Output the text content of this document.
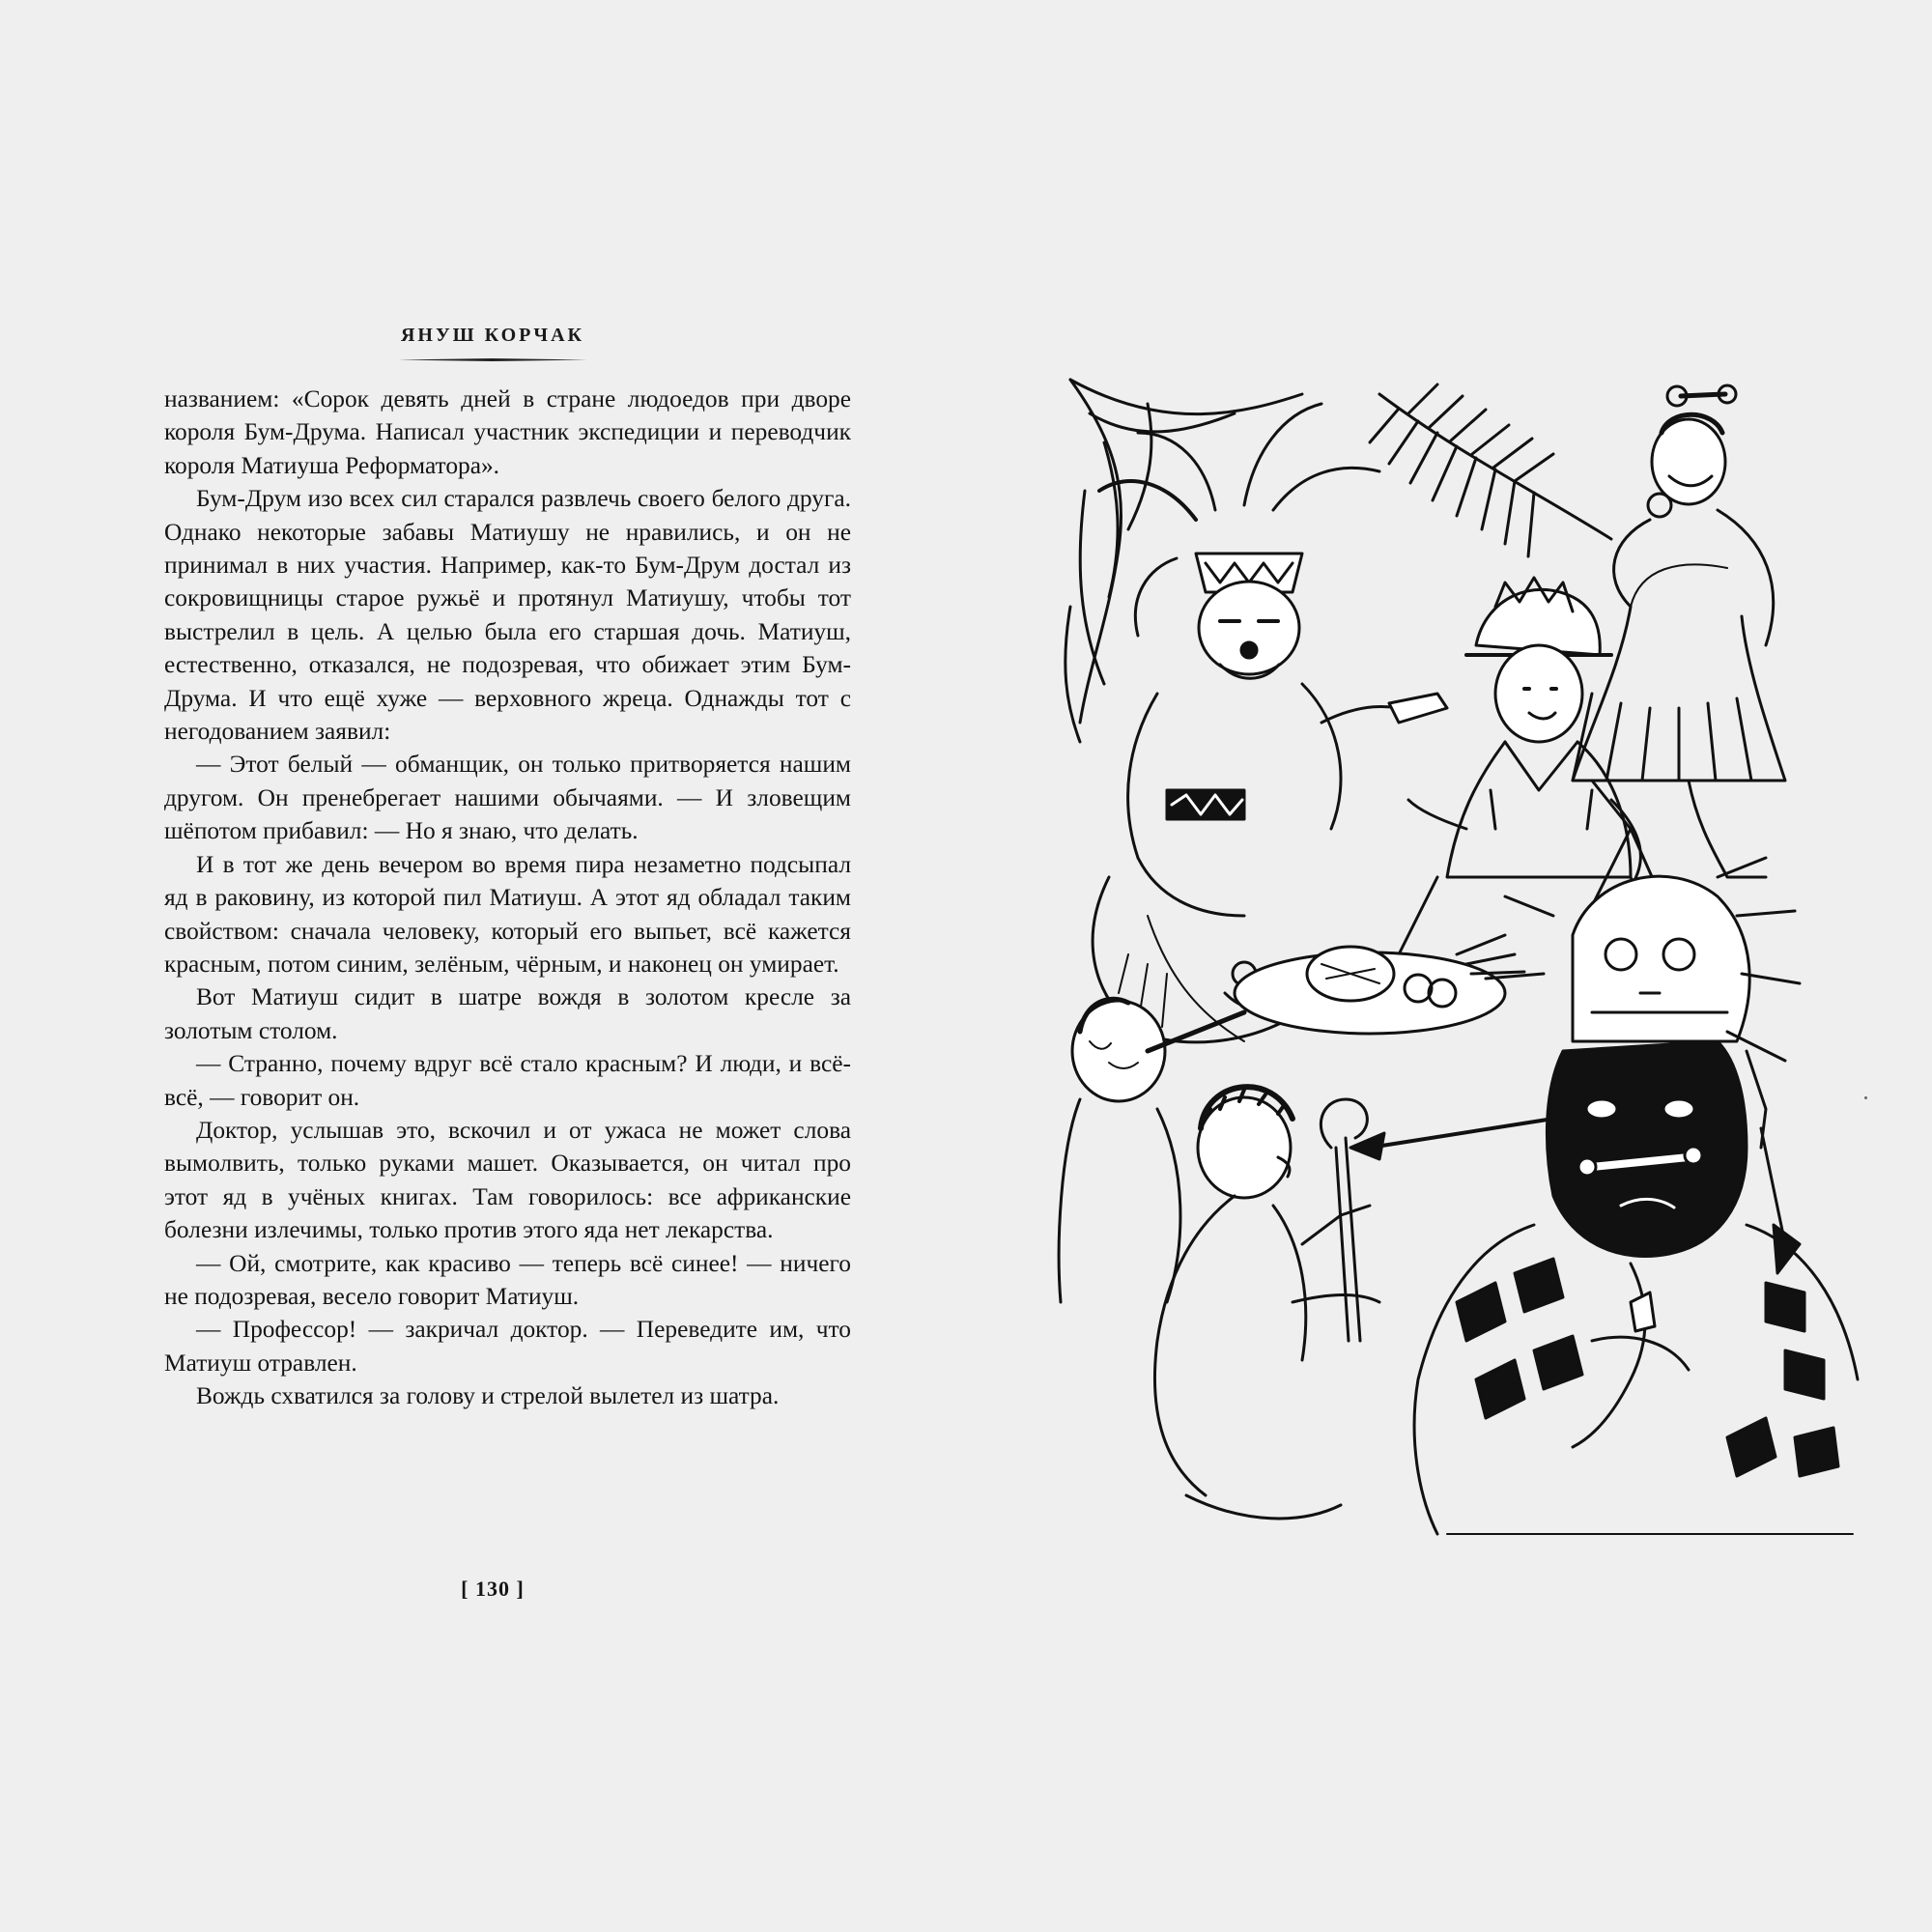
ЯНУШ КОРЧАК

названием: «Сорок девять дней в стране людоедов при дворе короля Бум-Друма. Написал участник экспедиции и переводчик короля Матиуша Реформатора».

Бум-Друм изо всех сил старался развлечь своего белого друга. Однако некоторые забавы Матиушу не нравились, и он не принимал в них участия. Например, как-то Бум-Друм достал из сокровищницы старое ружьё и протянул Матиушу, чтобы тот выстрелил в цель. А целью была его старшая дочь. Матиуш, естественно, отказался, не подозревая, что обижает этим Бум-Друма. И что ещё хуже — верховного жреца. Однажды тот с негодованием заявил:

— Этот белый — обманщик, он только притворяется нашим другом. Он пренебрегает нашими обычаями. — И зловещим шёпотом прибавил: — Но я знаю, что делать.

И в тот же день вечером во время пира незаметно подсыпал яд в раковину, из которой пил Матиуш. А этот яд обладал таким свойством: сначала человеку, который его выпьет, всё кажется красным, потом синим, зелёным, чёрным, и наконец он умирает.

Вот Матиуш сидит в шатре вождя в золотом кресле за золотым столом.

— Странно, почему вдруг всё стало красным? И люди, и всё-всё, — говорит он.

Доктор, услышав это, вскочил и от ужаса не может слова вымолвить, только руками машет. Оказывается, он читал про этот яд в учёных книгах. Там говорилось: все африканские болезни излечимы, только против этого яда нет лекарства.

— Ой, смотрите, как красиво — теперь всё синее! — ничего не подозревая, весело говорит Матиуш.

— Профессор! — закричал доктор. — Переведите им, что Матиуш отравлен.

Вождь схватился за голову и стрелой вылетел из шатра.

[ 130 ]
